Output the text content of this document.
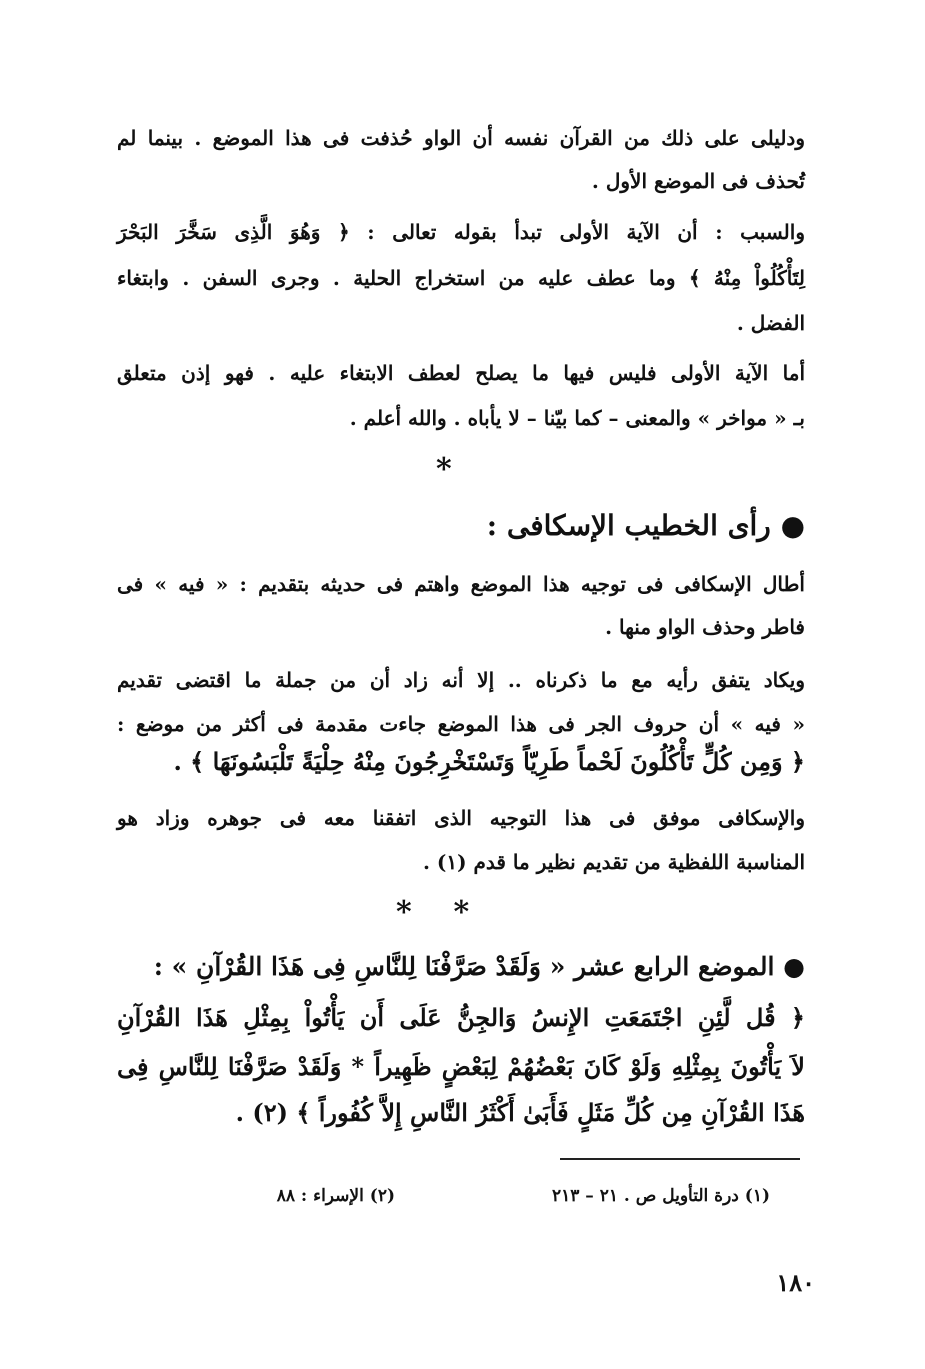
ودليلى على ذلك من القرآن نفسه أن الواو حُذفت فى هذا الموضع . بينما لم
تُحذف فى الموضع الأول .
والسبب : أن الآية الأولى تبدأ بقوله تعالى : ﴿ وَهُوَ الَّذِى سَخَّرَ البَحْرَ
لِتَأْكُلُواْ مِنْهُ ﴾ وما عطف عليه من استخراج الحلية . وجرى السفن . وابتغاء
الفضل .
أما الآية الأولى فليس فيها ما يصلح لعطف الابتغاء عليه . فهو إذن متعلق
بـ « مواخر » والمعنى – كما بيّنا – لا يأباه . والله أعلم .
*
● رأى الخطيب الإسكافى :
أطال الإسكافى فى توجيه هذا الموضع واهتم فى حديثه بتقديم : « فيه » فى
فاطر وحذف الواو منها .
ويكاد يتفق رأيه مع ما ذكرناه .. إلا أنه زاد أن من جملة ما اقتضى تقديم
« فيه » أن حروف الجر فى هذا الموضع جاءت مقدمة فى أكثر من موضع :
﴿ وَمِن كُلٍّ تَأْكُلُونَ لَحْماً طَرِيّاً وَتَسْتَخْرِجُونَ مِنْهُ حِلْيَةً تَلْبَسُونَهَا ﴾ .
والإسكافى موفق فى هذا التوجيه الذى اتفقنا معه فى جوهره وزاد هو
المناسبة اللفظية من تقديم نظير ما قدم (١) .
*    *
● الموضع الرابع عشر « وَلَقَدْ صَرَّفْنَا لِلنَّاسِ فِى هَذَا القُرْآنِ » :
﴿ قُل لَّئِنِ اجْتَمَعَتِ الإِنسُ وَالجِنُّ عَلَى أَن يَأْتُواْ بِمِثْلِ هَذَا القُرْآنِ
لاَ يَأْتُونَ بِمِثْلِهِ وَلَوْ كَانَ بَعْضُهُمْ لِبَعْضٍ ظَهِيراً * وَلَقَدْ صَرَّفْنَا لِلنَّاسِ فِى
هَذَا القُرْآنِ مِن كُلِّ مَثَلٍ فَأَبَىٰ أَكْثَرُ النَّاسِ إِلاَّ كُفُوراً ﴾ (٢) .
(١) درة التأويل ص . ٢١ – ٢١٣
(٢) الإسراء : ٨٨
١٨٠
